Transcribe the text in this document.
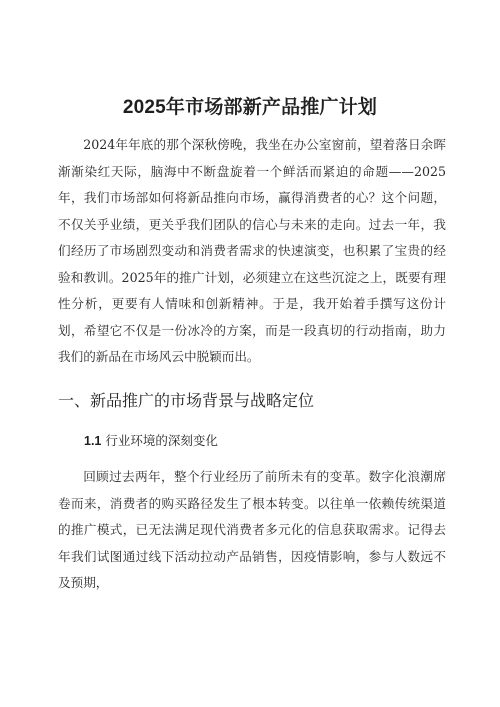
2025年市场部新产品推广计划

2024年年底的那个深秋傍晚，我坐在办公室窗前，望着落日余晖渐渐染红天际，脑海中不断盘旋着一个鲜活而紧迫的命题——2025年，我们市场部如何将新品推向市场，赢得消费者的心？这个问题，不仅关乎业绩，更关乎我们团队的信心与未来的走向。过去一年，我们经历了市场剧烈变动和消费者需求的快速演变，也积累了宝贵的经验和教训。2025年的推广计划，必须建立在这些沉淀之上，既要有理性分析，更要有人情味和创新精神。于是，我开始着手撰写这份计划，希望它不仅是一份冰冷的方案，而是一段真切的行动指南，助力我们的新品在市场风云中脱颖而出。

一、新品推广的市场背景与战略定位
1.1 行业环境的深刻变化

回顾过去两年，整个行业经历了前所未有的变革。数字化浪潮席卷而来，消费者的购买路径发生了根本转变。以往单一依赖传统渠道的推广模式，已无法满足现代消费者多元化的信息获取需求。记得去年我们试图通过线下活动拉动产品销售，因疫情影响，参与人数远不及预期，
